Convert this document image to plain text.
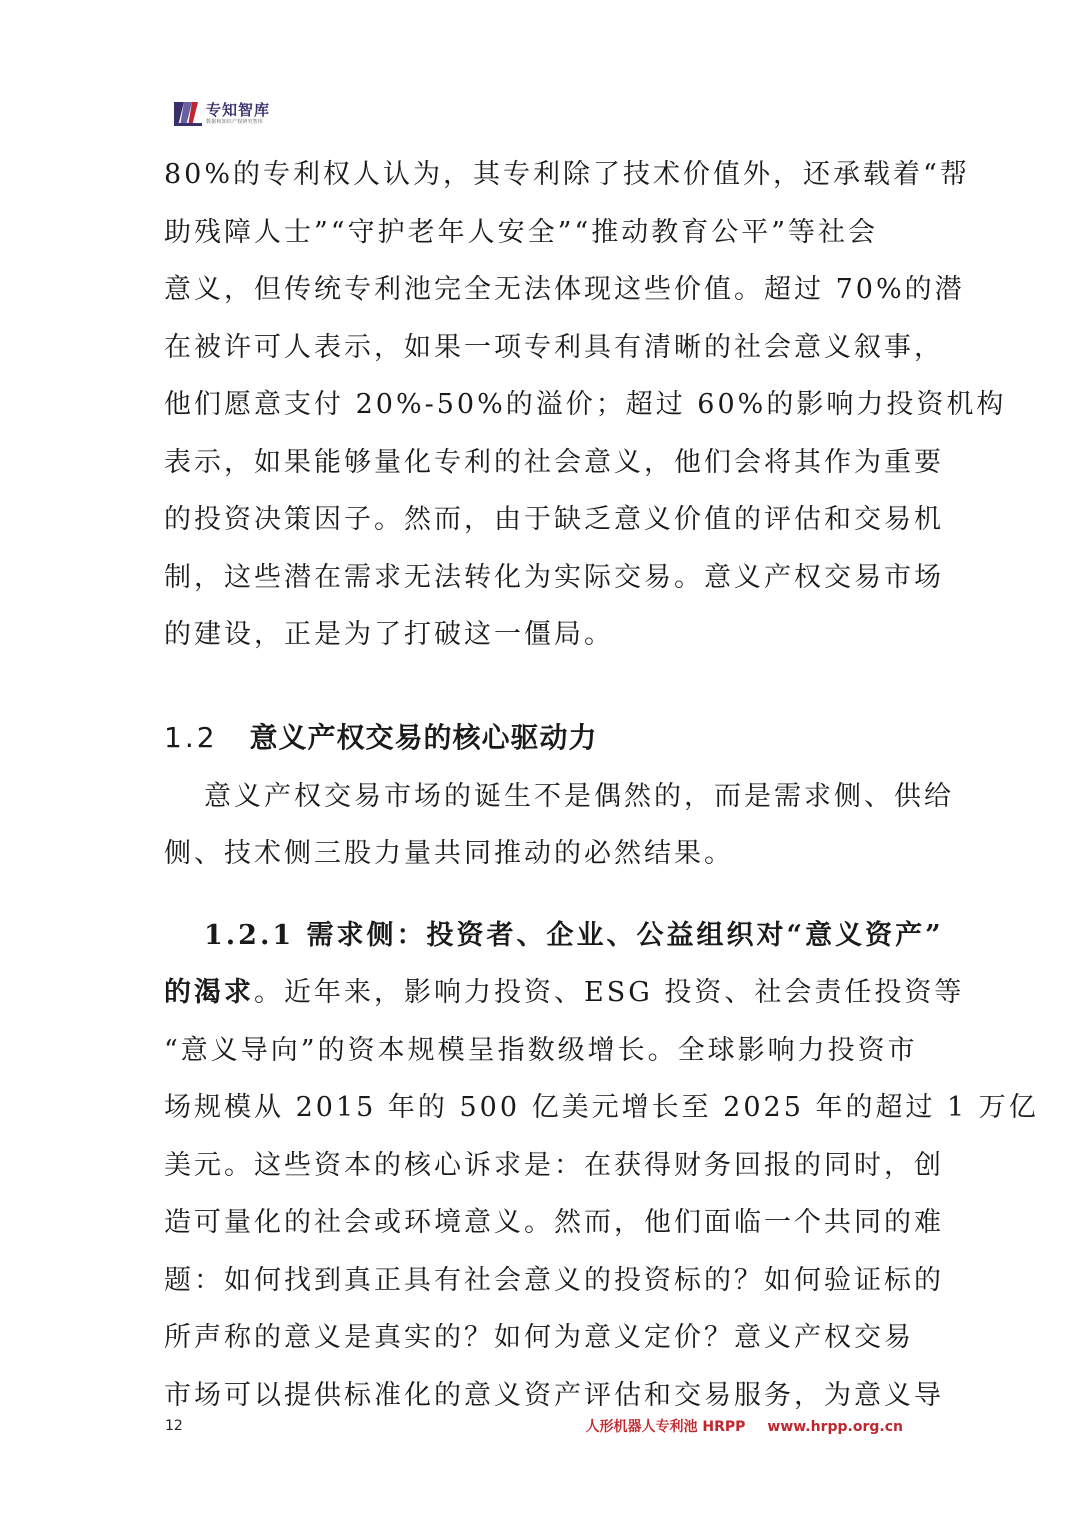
专知智库
数据和知识产权研究智库

80%的专利权人认为，其专利除了技术价值外，还承载着“帮
助残障人士”“守护老年人安全”“推动教育公平”等社会
意义，但传统专利池完全无法体现这些价值。超过 70%的潜
在被许可人表示，如果一项专利具有清晰的社会意义叙事，
他们愿意支付 20%-50%的溢价；超过 60%的影响力投资机构
表示，如果能够量化专利的社会意义，他们会将其作为重要
的投资决策因子。然而，由于缺乏意义价值的评估和交易机
制，这些潜在需求无法转化为实际交易。意义产权交易市场
的建设，正是为了打破这一僵局。

1.2 意义产权交易的核心驱动力

意义产权交易市场的诞生不是偶然的，而是需求侧、供给
侧、技术侧三股力量共同推动的必然结果。

1.2.1 需求侧：投资者、企业、公益组织对“意义资产”
的渴求。近年来，影响力投资、ESG 投资、社会责任投资等
“意义导向”的资本规模呈指数级增长。全球影响力投资市
场规模从 2015 年的 500 亿美元增长至 2025 年的超过 1 万亿
美元。这些资本的核心诉求是：在获得财务回报的同时，创
造可量化的社会或环境意义。然而，他们面临一个共同的难
题：如何找到真正具有社会意义的投资标的？如何验证标的
所声称的意义是真实的？如何为意义定价？意义产权交易
市场可以提供标准化的意义资产评估和交易服务，为意义导

12	人形机器人专利池 HRPP www.hrpp.org.cn
